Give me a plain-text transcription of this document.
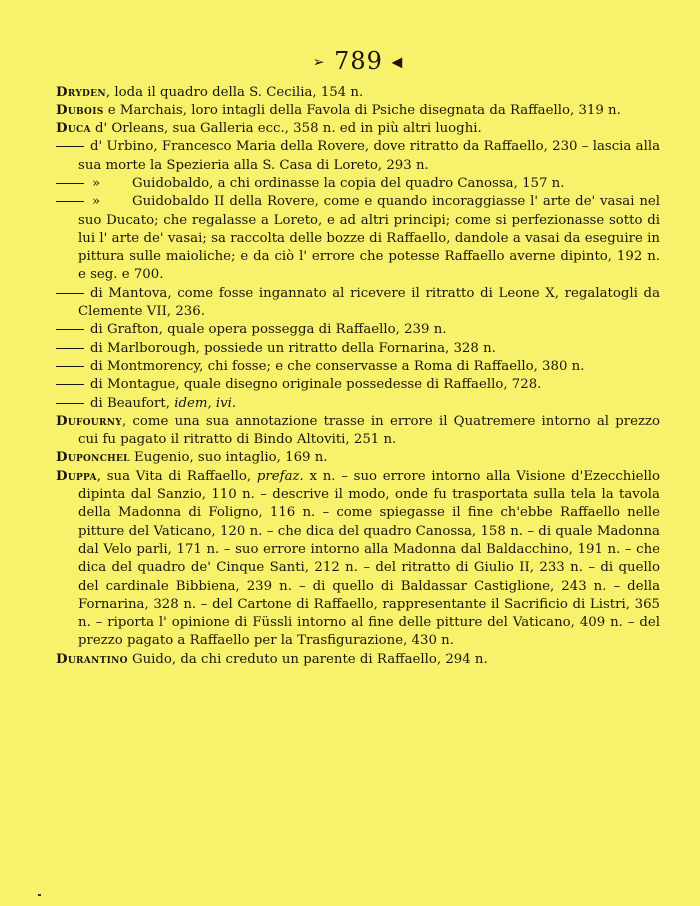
➢ 789 ◀

Dryden, loda il quadro della S. Cecilia, 154 n.

Dubois e Marchais, loro intagli della Favola di Psiche disegnata da Raffaello, 319 n.

Duca d' Orleans, sua Galleria ecc., 358 n. ed in più altri luoghi.

d' Urbino, Francesco Maria della Rovere, dove ritratto da Raffaello, 230 – lascia alla sua morte la Spezieria alla S. Casa di Loreto, 293 n.

» Guidobaldo, a chi ordinasse la copia del quadro Canossa, 157 n.

» Guidobaldo II della Rovere, come e quando incoraggiasse l' arte de' vasai nel suo Ducato; che regalasse a Loreto, e ad altri principi; come si perfezionasse sotto di lui l' arte de' vasai; sa raccolta delle bozze di Raffaello, dandole a vasai da eseguire in pittura sulle maioliche; e da ciò l' errore che potesse Raffaello averne dipinto, 192 n. e seg. e 700.

di Mantova, come fosse ingannato al ricevere il ritratto di Leone X, regalatogli da Clemente VII, 236.

di Grafton, quale opera possegga di Raffaello, 239 n.

di Marlborough, possiede un ritratto della Fornarina, 328 n.

di Montmorency, chi fosse; e che conservasse a Roma di Raffaello, 380 n.

di Montague, quale disegno originale possedesse di Raffaello, 728.

di Beaufort, idem, ivi.

Dufourny, come una sua annotazione trasse in errore il Quatremere intorno al prezzo cui fu pagato il ritratto di Bindo Altoviti, 251 n.

Duponchel Eugenio, suo intaglio, 169 n.

Duppa, sua Vita di Raffaello, prefaz. x n. – suo errore intorno alla Visione d'Ezecchiello dipinta dal Sanzio, 110 n. – descrive il modo, onde fu trasportata sulla tela la tavola della Madonna di Foligno, 116 n. – come spiegasse il fine ch'ebbe Raffaello nelle pitture del Vaticano, 120 n. – che dica del quadro Canossa, 158 n. – di quale Madonna dal Velo parli, 171 n. – suo errore intorno alla Madonna dal Baldacchino, 191 n. – che dica del quadro de' Cinque Santi, 212 n. – del ritratto di Giulio II, 233 n. – di quello del cardinale Bibbiena, 239 n. – di quello di Baldassar Castiglione, 243 n. – della Fornarina, 328 n. – del Cartone di Raffaello, rappresentante il Sacrificio di Listri, 365 n. – riporta l' opinione di Füssli intorno al fine delle pitture del Vaticano, 409 n. – del prezzo pagato a Raffaello per la Trasfigurazione, 430 n.

Durantino Guido, da chi creduto un parente di Raffaello, 294 n.
